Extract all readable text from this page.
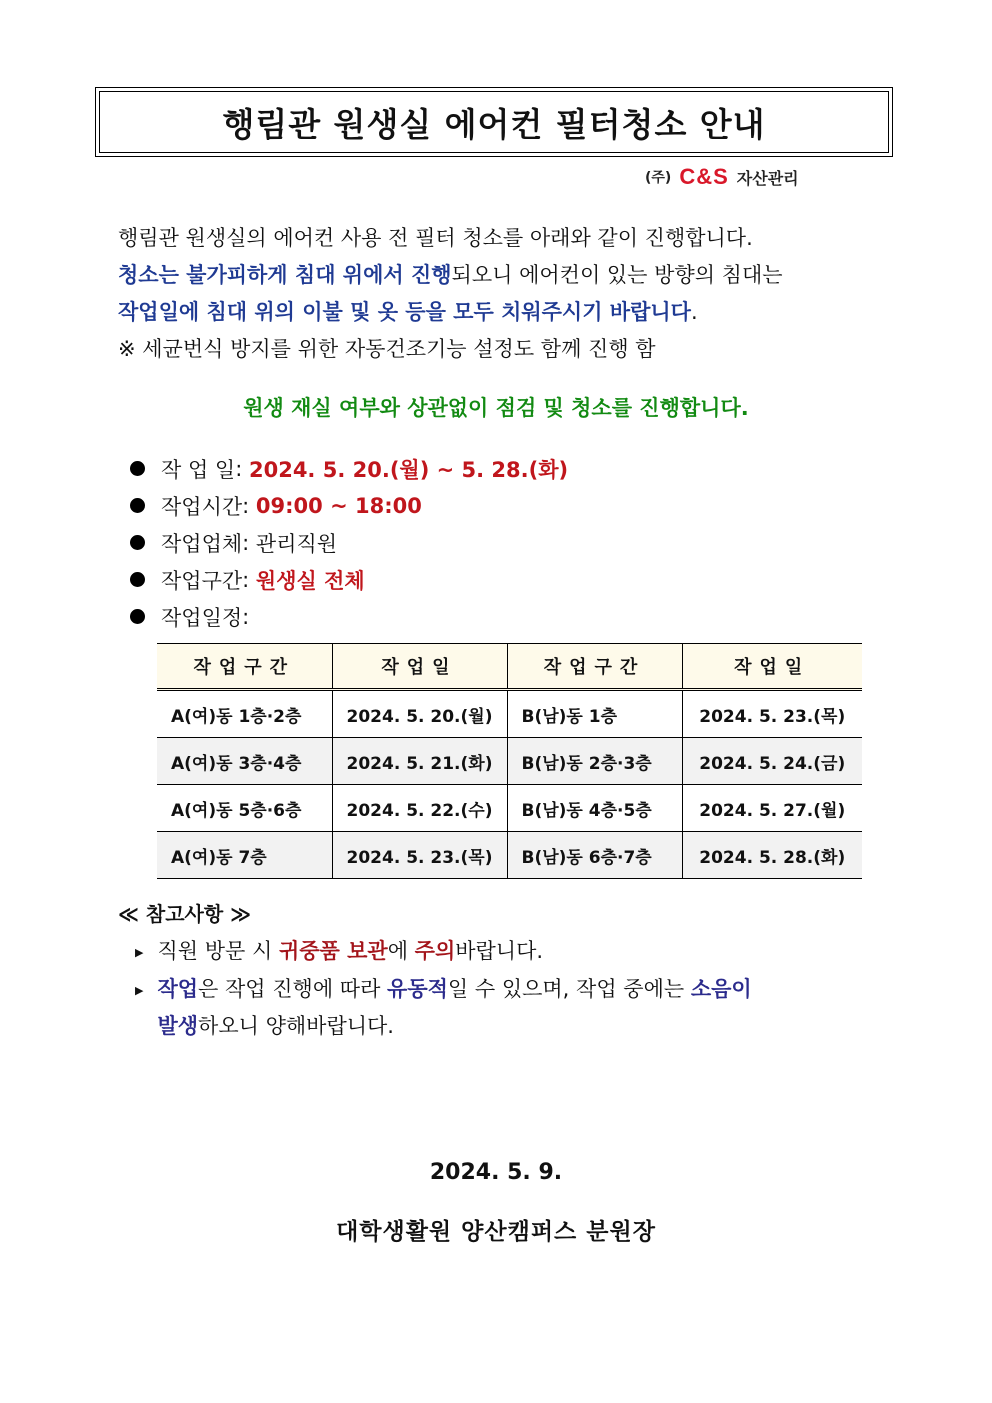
행림관 원생실 에어컨 필터청소 안내
(주) C&S 자산관리
행림관 원생실의 에어컨 사용 전 필터 청소를 아래와 같이 진행합니다.
청소는 불가피하게 침대 위에서 진행되오니 에어컨이 있는 방향의 침대는
작업일에 침대 위의 이불 및 옷 등을 모두 치워주시기 바랍니다.
※ 세균번식 방지를 위한 자동건조기능 설정도 함께 진행 함
원생 재실 여부와 상관없이 점검 및 청소를 진행합니다.
작 업 일 : 2024. 5. 20.(월) ~ 5. 28.(화)
작업시간 : 09:00 ~ 18:00
작업업체 : 관리직원
작업구간 : 원생실 전체
작업일정 :
작업구간	작업일	작업구간	작업일
A(여)동 1층·2층	2024. 5. 20.(월)	B(남)동 1층	2024. 5. 23.(목)
A(여)동 3층·4층	2024. 5. 21.(화)	B(남)동 2층·3층	2024. 5. 24.(금)
A(여)동 5층·6층	2024. 5. 22.(수)	B(남)동 4층·5층	2024. 5. 27.(월)
A(여)동 7층	2024. 5. 23.(목)	B(남)동 6층·7층	2024. 5. 28.(화)
≪ 참고사항 ≫
▶ 직원 방문 시 귀중품 보관에 주의바랍니다.
▶ 작업은 작업 진행에 따라 유동적일 수 있으며, 작업 중에는 소음이
발생하오니 양해바랍니다.
2024. 5. 9.
대학생활원 양산캠퍼스 분원장
